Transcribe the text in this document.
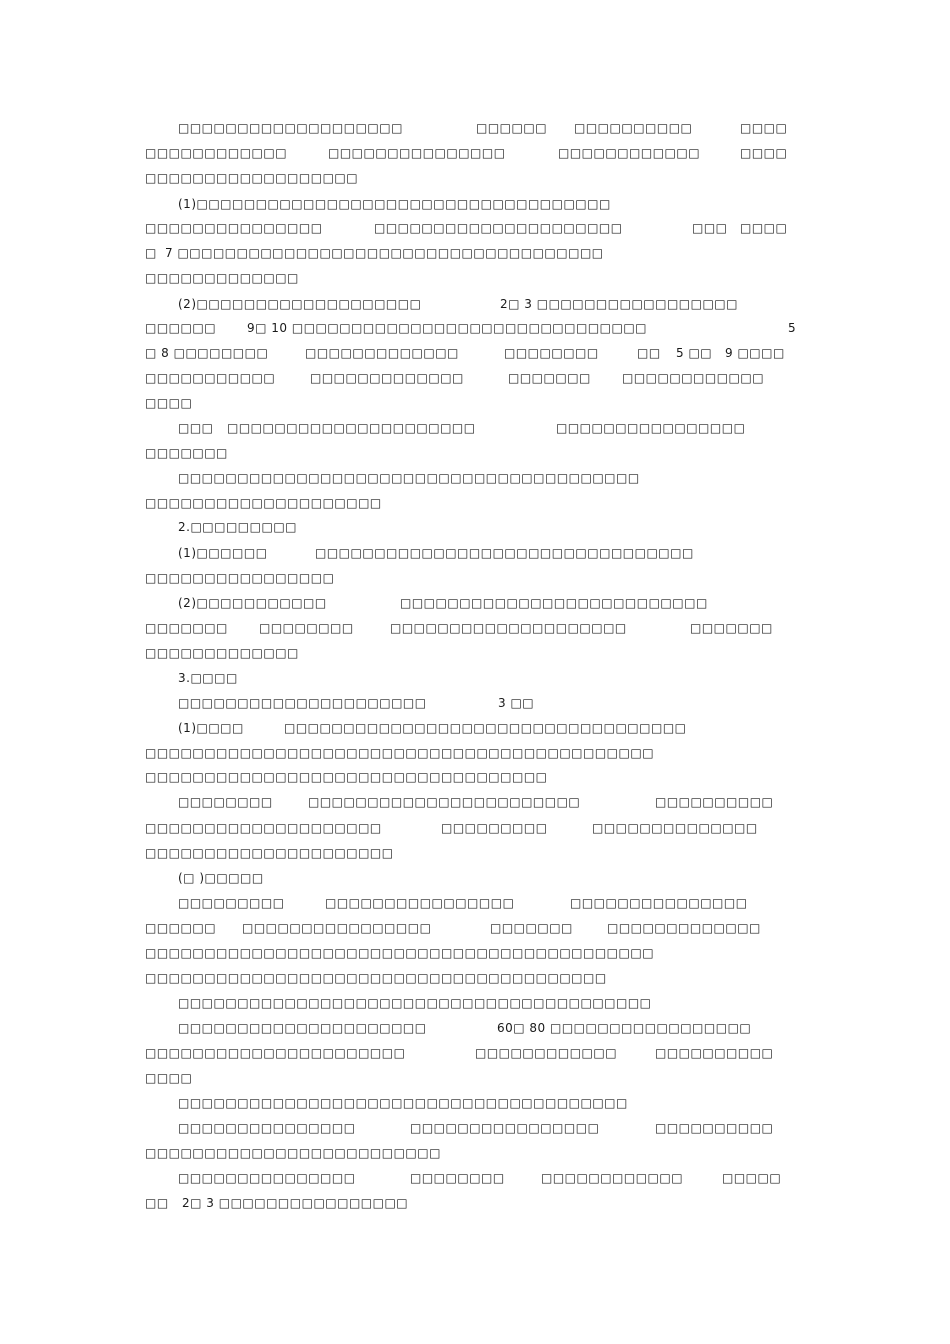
□□□□□□□□□□□□□□□□□□□	□□□□□□ □□□□□□□□□□	□□□□
□□□□□□□□□□□□	□□□□□□□□□□□□□□□	□□□□□□□□□□□□	□□□□
□□□□□□□□□□□□□□□□□□
(1)□□□□□□□□□□□□□□□□□□□□□□□□□□□□□□□□□□□
□□□□□□□□□□□□□□□	□□□□□□□□□□□□□□□□□□□□□	□□□ □□□□
□ 7 □□□□□□□□□□□□□□□□□□□□□□□□□□□□□□□□□□□□
□□□□□□□□□□□□□
(2)□□□□□□□□□□□□□□□□□□□	2□ 3 □□□□□□□□□□□□□□□□□
□□□□□□	9□ 10 □□□□□□□□□□□□□□□□□□□□□□□□□□□□□□	5
□ 8 □□□□□□□□	□□□□□□□□□□□□□	□□□□□□□□	□□ 5 □□ 9 □□□□
□□□□□□□□□□□	□□□□□□□□□□□□□	□□□□□□□	□□□□□□□□□□□□
□□□□
□□□ □□□□□□□□□□□□□□□□□□□□□	□□□□□□□□□□□□□□□□
□□□□□□□
□□□□□□□□□□□□□□□□□□□□□□□□□□□□□□□□□□□□□□□
□□□□□□□□□□□□□□□□□□□□
2.□□□□□□□□□
(1)□□□□□□	□□□□□□□□□□□□□□□□□□□□□□□□□□□□□□□□
□□□□□□□□□□□□□□□□
(2)□□□□□□□□□□□	□□□□□□□□□□□□□□□□□□□□□□□□□□
□□□□□□□	□□□□□□□□	□□□□□□□□□□□□□□□□□□□□	□□□□□□□
□□□□□□□□□□□□□
3.□□□□
□□□□□□□□□□□□□□□□□□□□□	3 □□
(1)□□□□	□□□□□□□□□□□□□□□□□□□□□□□□□□□□□□□□□□
□□□□□□□□□□□□□□□□□□□□□□□□□□□□□□□□□□□□□□□□□□□
□□□□□□□□□□□□□□□□□□□□□□□□□□□□□□□□□□
□□□□□□□□	□□□□□□□□□□□□□□□□□□□□□□□	□□□□□□□□□□
□□□□□□□□□□□□□□□□□□□□	□□□□□□□□□	□□□□□□□□□□□□□□
□□□□□□□□□□□□□□□□□□□□□
(□ )□□□□□
□□□□□□□□□	□□□□□□□□□□□□□□□□	□□□□□□□□□□□□□□□
□□□□□□ □□□□□□□□□□□□□□□□	□□□□□□□	□□□□□□□□□□□□□
□□□□□□□□□□□□□□□□□□□□□□□□□□□□□□□□□□□□□□□□□□□
□□□□□□□□□□□□□□□□□□□□□□□□□□□□□□□□□□□□□□□
□□□□□□□□□□□□□□□□□□□□□□□□□□□□□□□□□□□□□□□□
□□□□□□□□□□□□□□□□□□□□□	60□ 80 □□□□□□□□□□□□□□□□□
□□□□□□□□□□□□□□□□□□□□□□	□□□□□□□□□□□□	□□□□□□□□□□
□□□□
□□□□□□□□□□□□□□□□□□□□□□□□□□□□□□□□□□□□□□
□□□□□□□□□□□□□□□	□□□□□□□□□□□□□□□□	□□□□□□□□□□
□□□□□□□□□□□□□□□□□□□□□□□□□
□□□□□□□□□□□□□□□	□□□□□□□□	□□□□□□□□□□□□	□□□□□
□□ 2□ 3 □□□□□□□□□□□□□□□□
